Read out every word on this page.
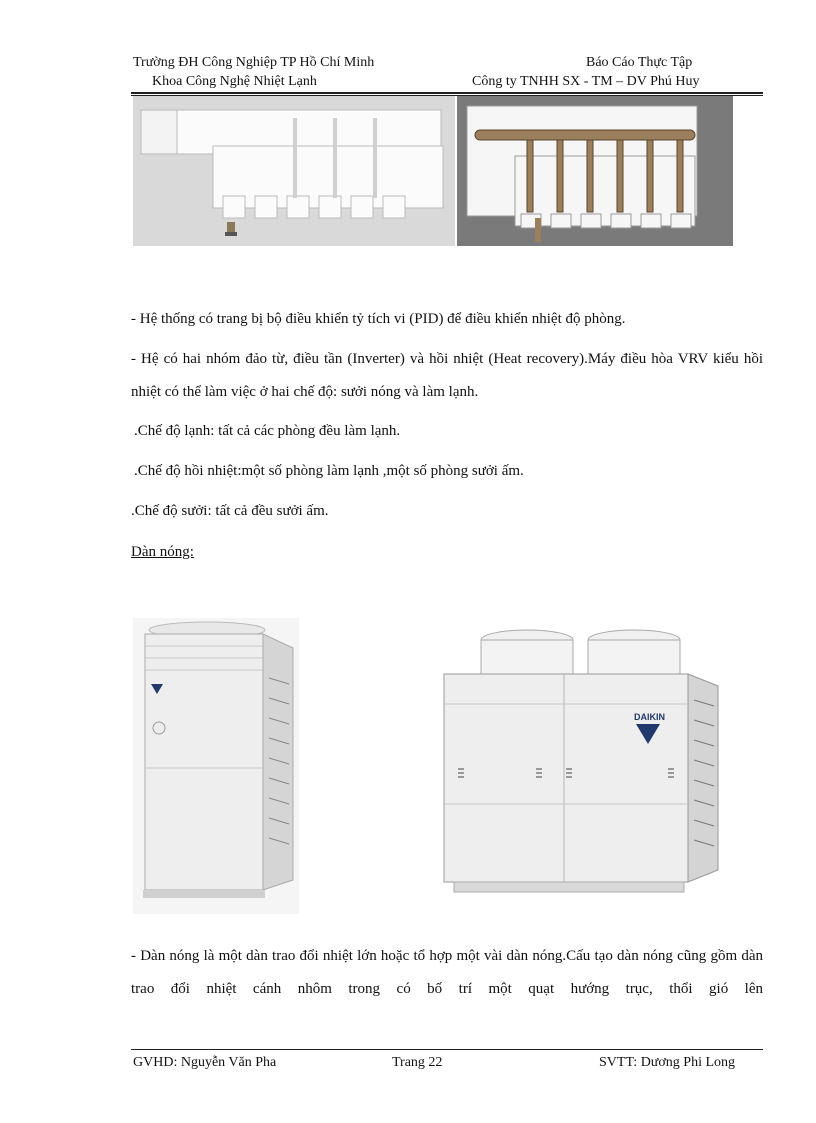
Trường ĐH Công Nghiệp TP Hồ Chí Minh
Khoa Công Nghệ Nhiệt Lạnh
Báo Cáo Thực Tập
Công ty TNHH SX - TM – DV Phú Huy
- Hệ thống có trang bị bộ điều khiển tỷ tích vi (PID) để điều khiển nhiệt độ phòng.
- Hệ có hai nhóm đảo từ, điều tần (Inverter) và hồi nhiệt (Heat recovery).Máy điều hòa VRV kiểu hồi nhiệt có thể làm việc ở hai chế độ: sưởi nóng và làm lạnh.
.Chế độ lạnh: tất cả các phòng đều làm lạnh.
.Chế độ hồi nhiệt:một số phòng làm lạnh ,một số phòng sưởi ấm.
.Chế độ sưởi: tất cả đều sưởi ấm.
Dàn nóng:
DAIKIN
- Dàn nóng là một dàn trao đổi nhiệt lớn hoặc tổ hợp một vài dàn nóng.Cấu tạo dàn nóng cũng gồm dàn trao đổi nhiệt cánh nhôm trong có bố trí một quạt hướng trục, thổi gió lên
GVHD: Nguyễn Văn Pha	Trang 22	SVTT: Dương Phi Long
